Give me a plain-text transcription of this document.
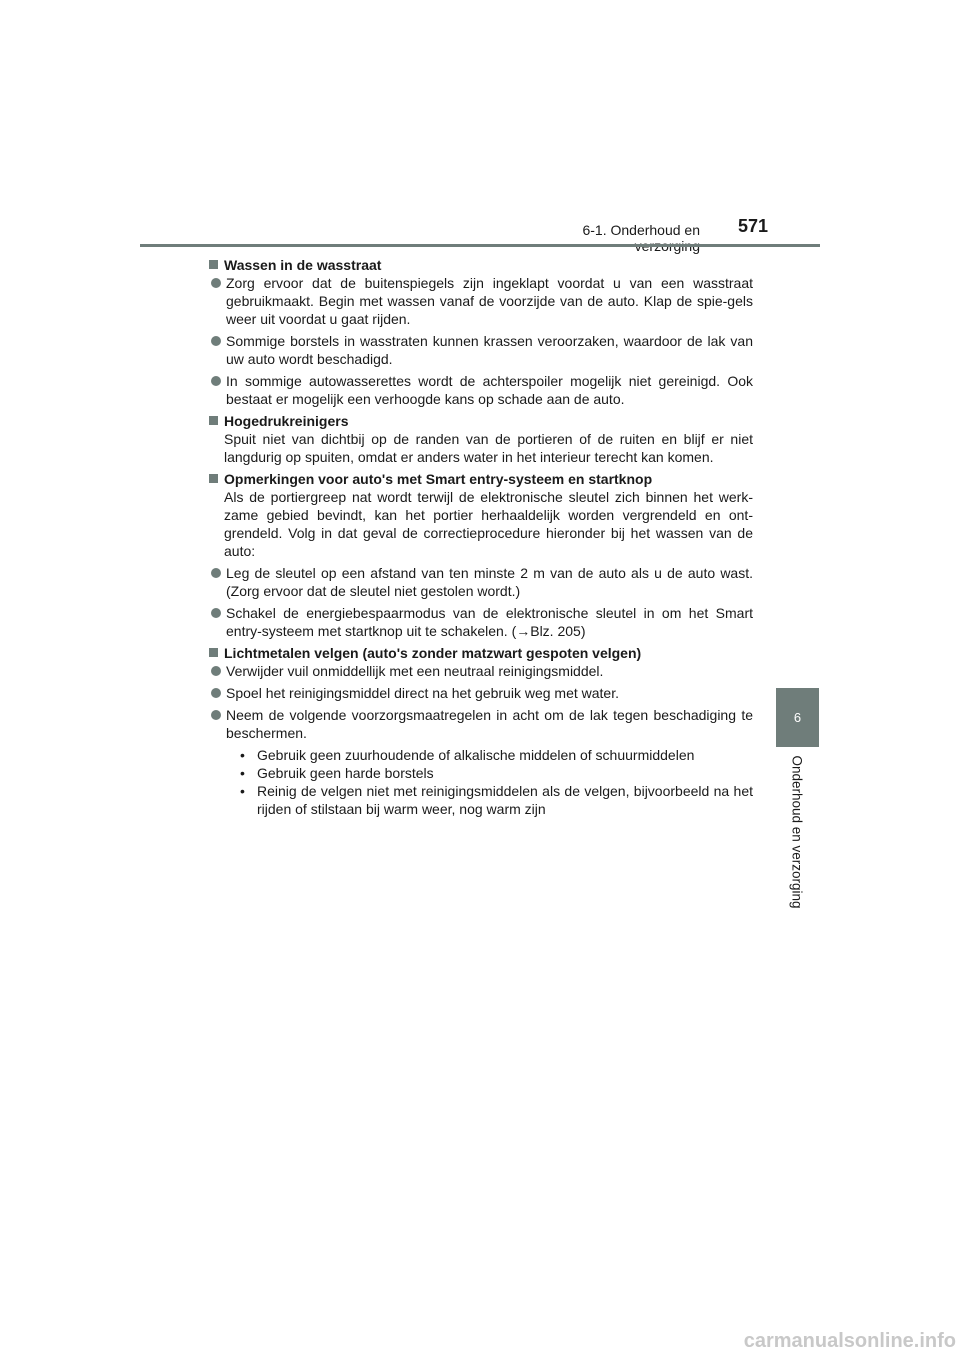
6-1. Onderhoud en 571
6
Onderhoud en verzorging
Wassen in de wasstraat
Zorg ervoor dat de buitenspiegels zijn ingeklapt voordat u van een wasstraat gebruikmaakt. Begin met wassen vanaf de voorzijde van de auto. Klap de spie-gels weer uit voordat u gaat rijden.
Sommige borstels in wasstraten kunnen krassen veroorzaken, waardoor de lak van uw auto wordt beschadigd.
In sommige autowasserettes wordt de achterspoiler mogelijk niet gereinigd. Ook bestaat er mogelijk een verhoogde kans op schade aan de auto.
Hogedrukreinigers
Spuit niet van dichtbij op de randen van de portieren of de ruiten en blijf er niet langdurig op spuiten, omdat er anders water in het interieur terecht kan komen.
Opmerkingen voor auto's met Smart entry-systeem en startknop
Als de portiergreep nat wordt terwijl de elektronische sleutel zich binnen het werk-zame gebied bevindt, kan het portier herhaaldelijk worden vergrendeld en ont-grendeld. Volg in dat geval de correctieprocedure hieronder bij het wassen van de auto:
Leg de sleutel op een afstand van ten minste 2 m van de auto als u de auto wast. (Zorg ervoor dat de sleutel niet gestolen wordt.)
Schakel de energiebespaarmodus van de elektronische sleutel in om het Smart entry-systeem met startknop uit te schakelen. (→Blz. 205)
Lichtmetalen velgen (auto's zonder matzwart gespoten velgen)
Verwijder vuil onmiddellijk met een neutraal reinigingsmiddel.
Spoel het reinigingsmiddel direct na het gebruik weg met water.
Neem de volgende voorzorgsmaatregelen in acht om de lak tegen beschadiging te beschermen.
• Gebruik geen zuurhoudende of alkalische middelen of schuurmiddelen
• Gebruik geen harde borstels
• Reinig de velgen niet met reinigingsmiddelen als de velgen, bijvoorbeeld na het rijden of stilstaan bij warm weer, nog warm zijn
carmanualsonline.info
